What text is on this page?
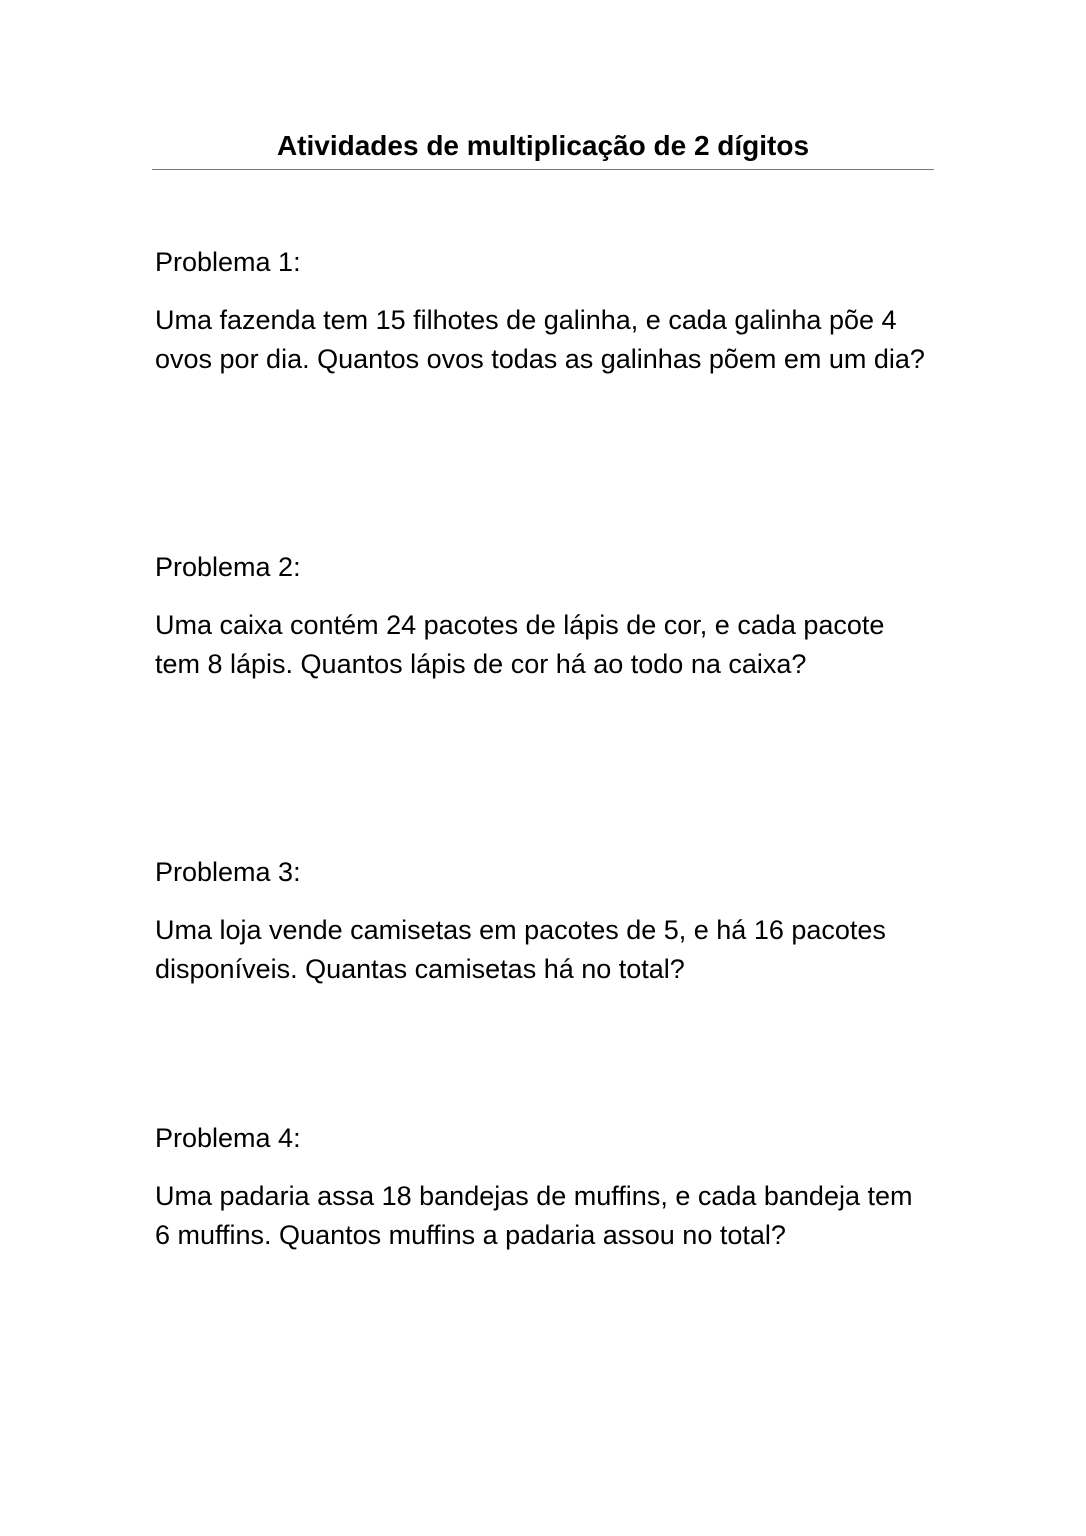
Atividades de multiplicação de 2 dígitos

Problema 1:

Uma fazenda tem 15 filhotes de galinha, e cada galinha põe 4 ovos por dia. Quantos ovos todas as galinhas põem em um dia?

Problema 2:

Uma caixa contém 24 pacotes de lápis de cor, e cada pacote tem 8 lápis. Quantos lápis de cor há ao todo na caixa?

Problema 3:

Uma loja vende camisetas em pacotes de 5, e há 16 pacotes disponíveis. Quantas camisetas há no total?

Problema 4:

Uma padaria assa 18 bandejas de muffins, e cada bandeja tem 6 muffins. Quantos muffins a padaria assou no total?
